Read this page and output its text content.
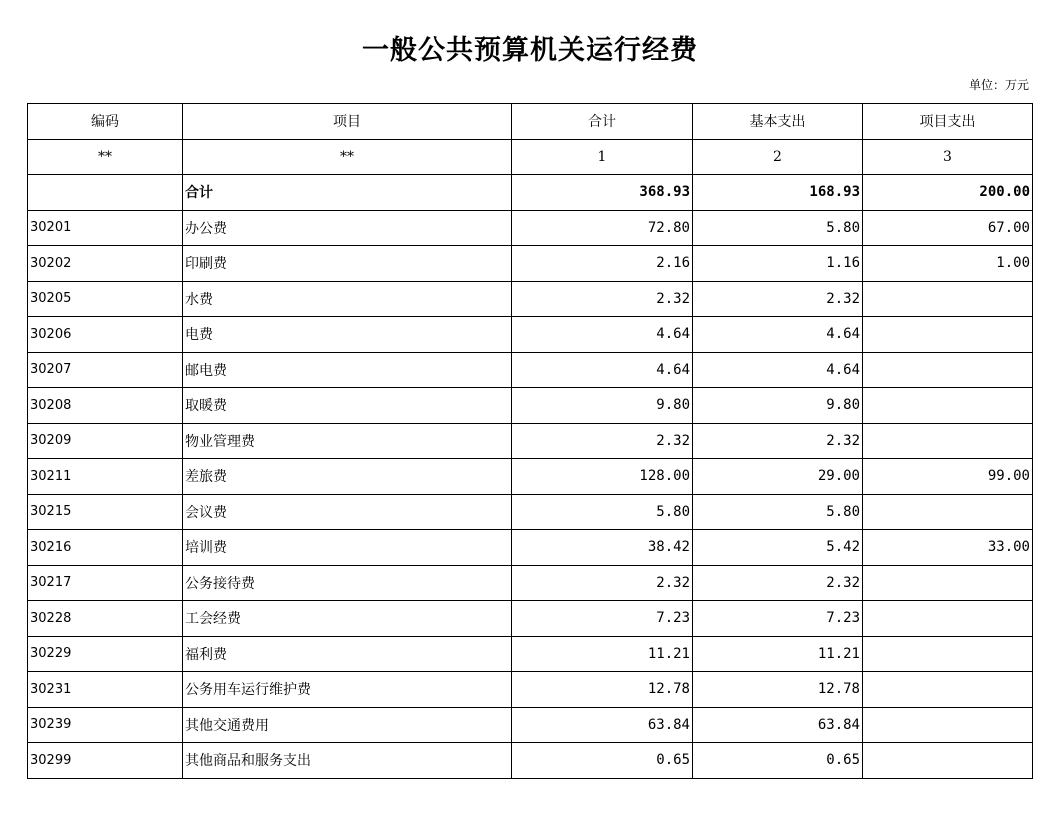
一般公共预算机关运行经费
单位：万元
编码	项目	合计	基本支出	项目支出
**	**	1	2	3
	合计	368.93	168.93	200.00
30201	办公费	72.80	5.80	67.00
30202	印刷费	2.16	1.16	1.00
30205	水费	2.32	2.32	
30206	电费	4.64	4.64	
30207	邮电费	4.64	4.64	
30208	取暖费	9.80	9.80	
30209	物业管理费	2.32	2.32	
30211	差旅费	128.00	29.00	99.00
30215	会议费	5.80	5.80	
30216	培训费	38.42	5.42	33.00
30217	公务接待费	2.32	2.32	
30228	工会经费	7.23	7.23	
30229	福利费	11.21	11.21	
30231	公务用车运行维护费	12.78	12.78	
30239	其他交通费用	63.84	63.84	
30299	其他商品和服务支出	0.65	0.65	
